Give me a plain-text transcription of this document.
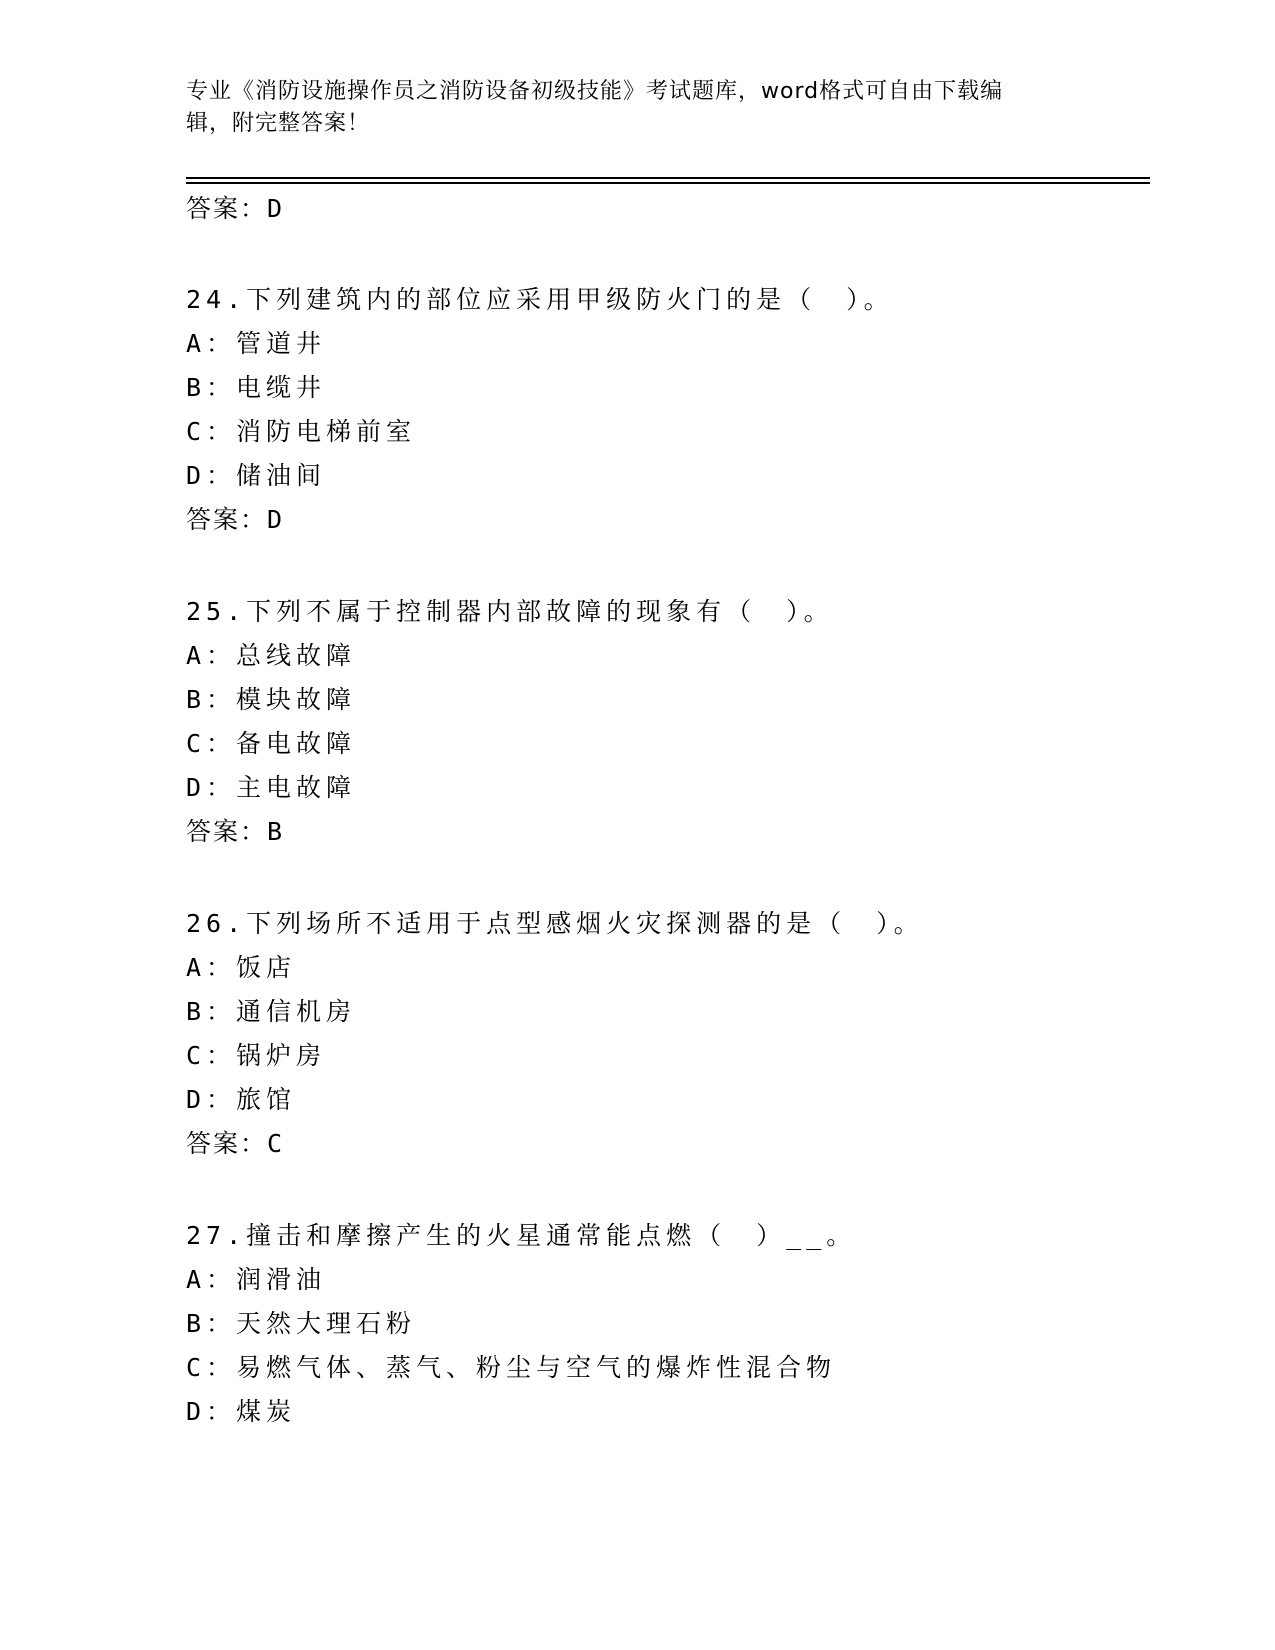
专业《消防设施操作员之消防设备初级技能》考试题库，word格式可自由下载编
辑，附完整答案！
答案：D
24.下列建筑内的部位应采用甲级防火门的是（　）。
A：管道井
B：电缆井
C：消防电梯前室
D：储油间
答案：D
25.下列不属于控制器内部故障的现象有（　）。
A：总线故障
B：模块故障
C：备电故障
D：主电故障
答案：B
26.下列场所不适用于点型感烟火灾探测器的是（　）。
A：饭店
B：通信机房
C：锅炉房
D：旅馆
答案：C
27.撞击和摩擦产生的火星通常能点燃（　）__。
A：润滑油
B：天然大理石粉
C：易燃气体、蒸气、粉尘与空气的爆炸性混合物
D：煤炭
